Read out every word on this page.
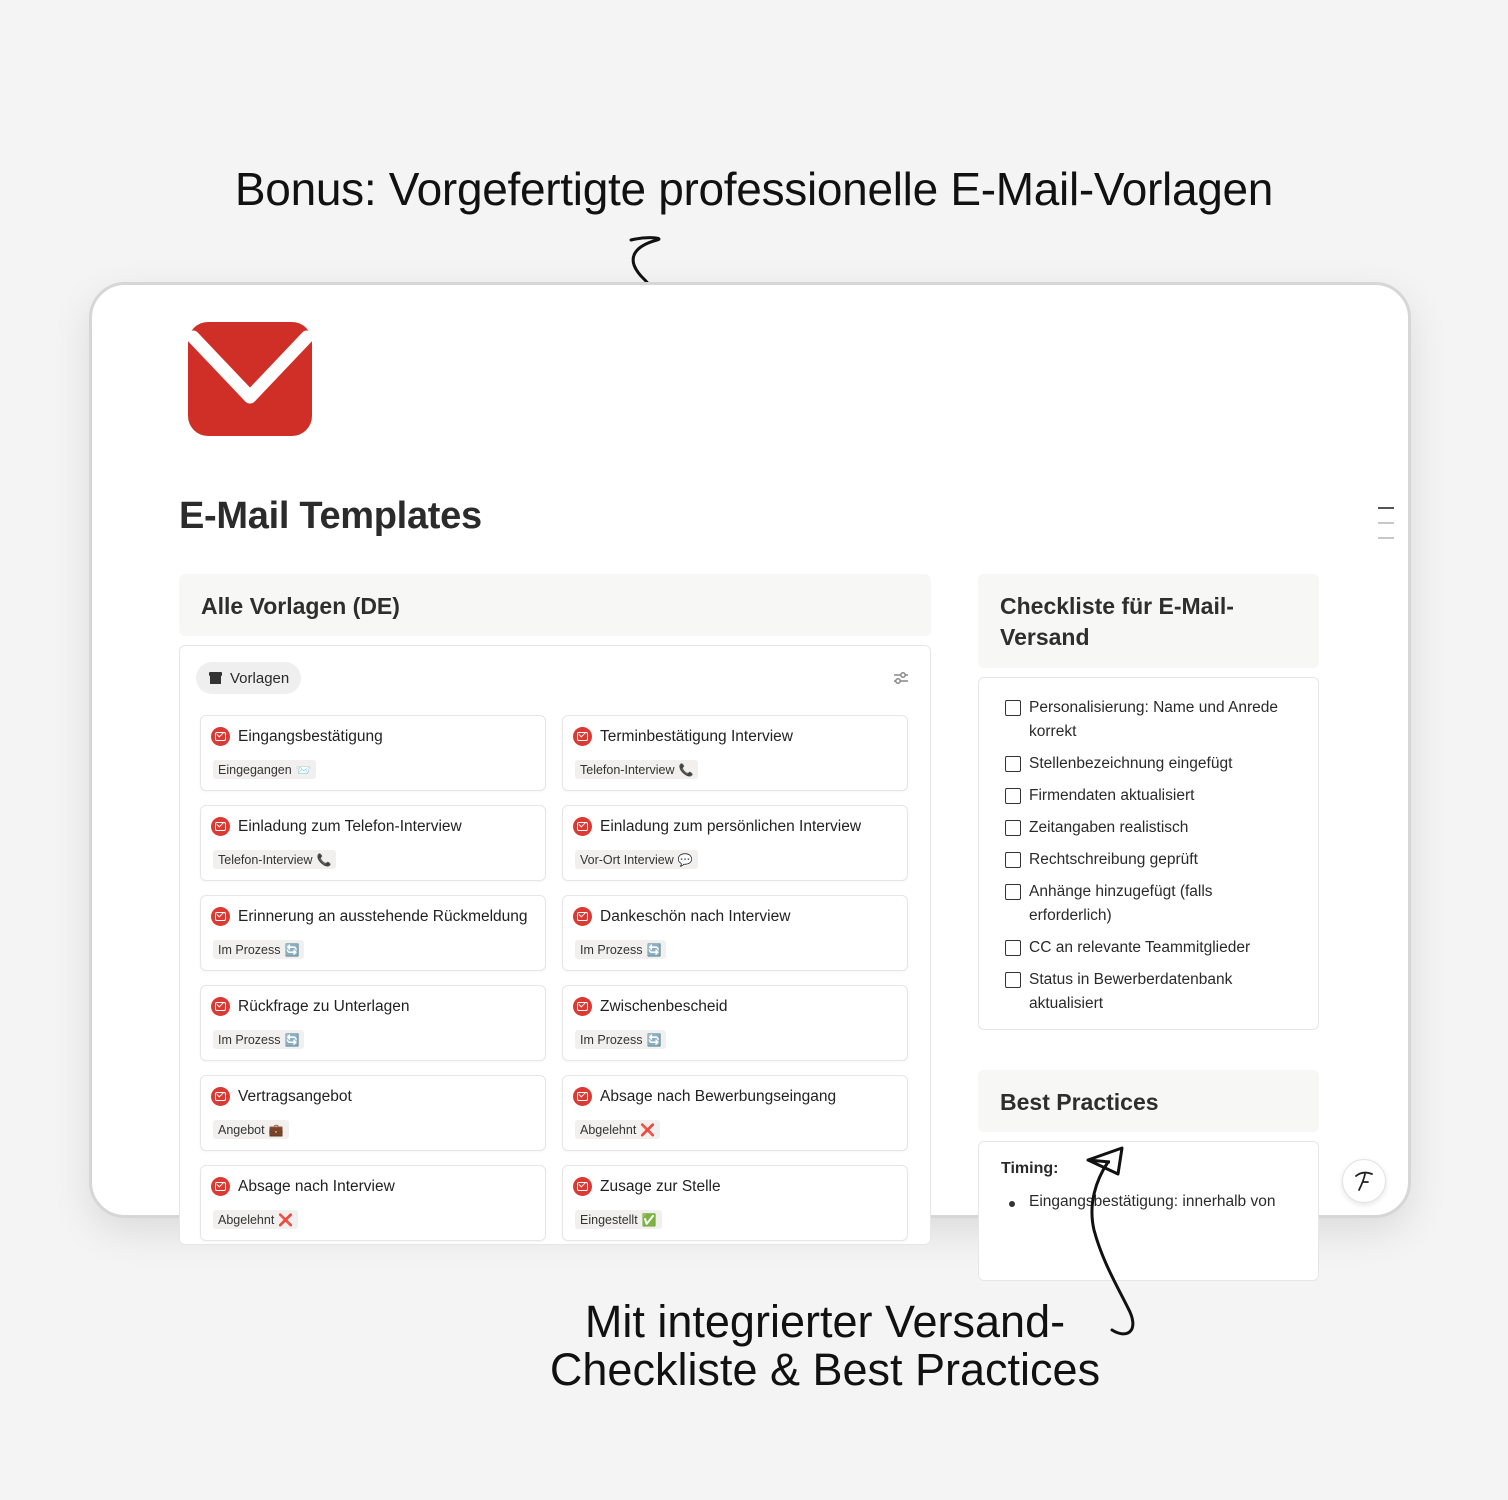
Bonus: Vorgefertigte professionelle E-Mail-Vorlagen
E-Mail Templates
Alle Vorlagen (DE)
Vorlagen
Eingangsbestätigung
Eingegangen 📨
Terminbestätigung Interview
Telefon-Interview 📞
Einladung zum Telefon-Interview
Telefon-Interview 📞
Einladung zum persönlichen Interview
Vor-Ort Interview 💬
Erinnerung an ausstehende Rückmeldung
Im Prozess 🔄
Dankeschön nach Interview
Im Prozess 🔄
Rückfrage zu Unterlagen
Im Prozess 🔄
Zwischenbescheid
Im Prozess 🔄
Vertragsangebot
Angebot 💼
Absage nach Bewerbungseingang
Abgelehnt ❌
Absage nach Interview
Abgelehnt ❌
Zusage zur Stelle
Eingestellt ✅
Checkliste für E-Mail-
Versand
Personalisierung: Name und Anrede
korrekt
Stellenbezeichnung eingefügt
Firmendaten aktualisiert
Zeitangaben realistisch
Rechtschreibung geprüft
Anhänge hinzugefügt (falls
erforderlich)
CC an relevante Teammitglieder
Status in Bewerberdatenbank
aktualisiert
Best Practices
Timing:
Eingangsbestätigung: innerhalb von
Mit integrierter Versand-
Checkliste & Best Practices
